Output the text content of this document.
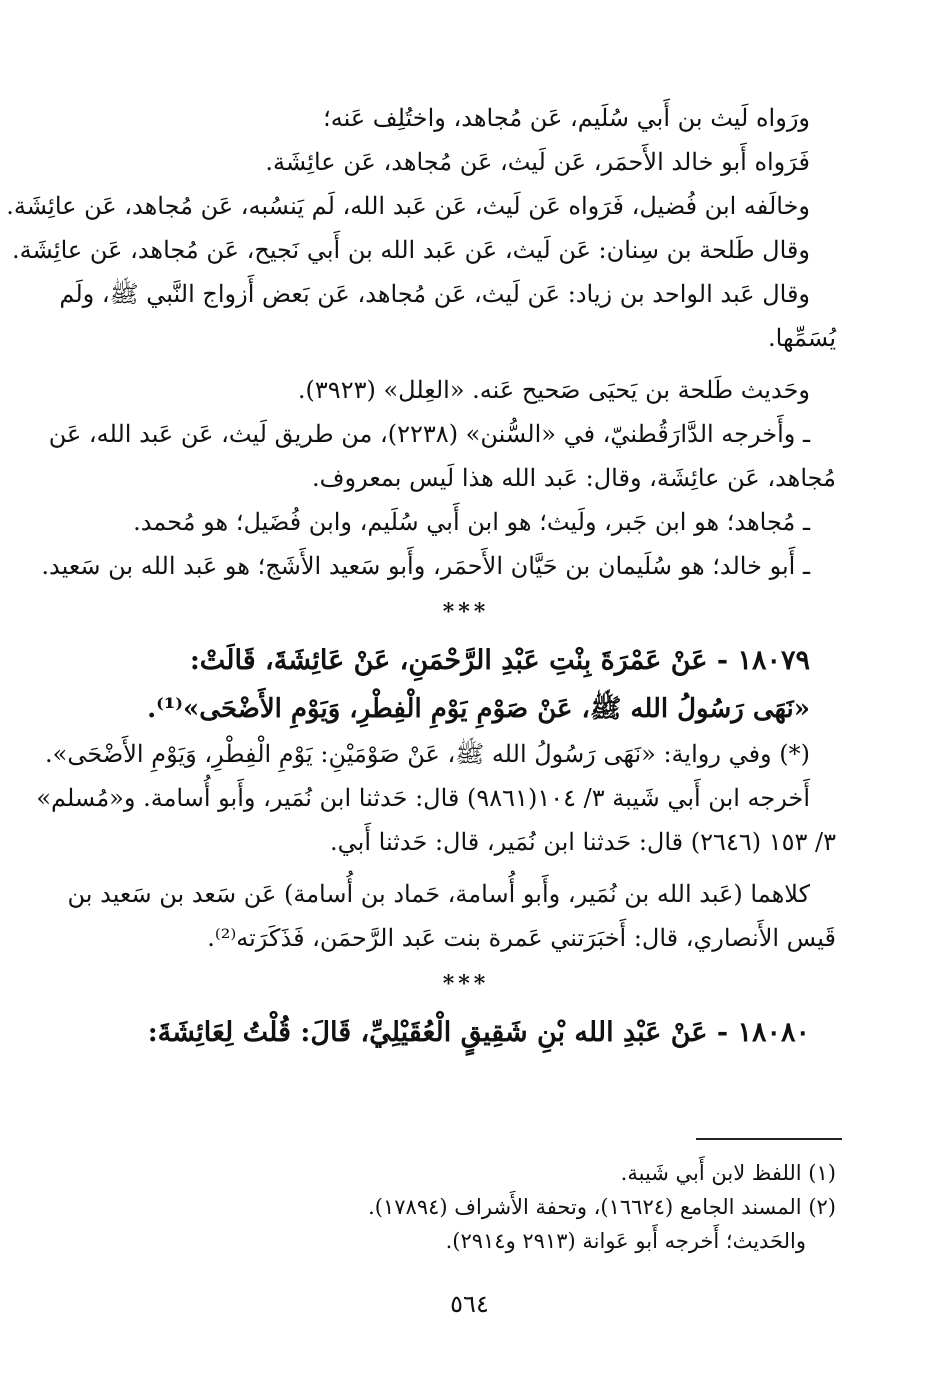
ورَواه لَيث بن أَبي سُلَيم، عَن مُجاهد، واختُلِف عَنه؛

فَرَواه أَبو خالد الأَحمَر، عَن لَيث، عَن مُجاهد، عَن عائِشَة.

وخالَفه ابن فُضيل، فَرَواه عَن لَيث، عَن عَبد الله، لَم يَنسُبه، عَن مُجاهد، عَن عائِشَة.

وقال طَلحة بن سِنان: عَن لَيث، عَن عَبد الله بن أَبي نَجيح، عَن مُجاهد، عَن عائِشَة.

وقال عَبد الواحد بن زياد: عَن لَيث، عَن مُجاهد، عَن بَعض أَزواج النَّبي ﷺ، ولَم

يُسَمِّها.

وحَديث طَلحة بن يَحيَى صَحيح عَنه. «العِلل» (٣٩٢٣).

ـ وأَخرجه الدَّارَقُطنيّ، في «السُّنن» (٢٢٣٨)، من طريق لَيث، عَن عَبد الله، عَن

مُجاهد، عَن عائِشَة، وقال: عَبد الله هذا لَيس بمعروف.

ـ مُجاهد؛ هو ابن جَبر، ولَيث؛ هو ابن أَبي سُلَيم، وابن فُضَيل؛ هو مُحمد.

ـ أَبو خالد؛ هو سُلَيمان بن حَيَّان الأَحمَر، وأَبو سَعيد الأَشَج؛ هو عَبد الله بن سَعيد.

***

١٨٠٧٩ - عَنْ عَمْرَةَ بِنْتِ عَبْدِ الرَّحْمَنِ، عَنْ عَائِشَةَ، قَالَتْ:

«نَهَى رَسُولُ الله ﷺ، عَنْ صَوْمِ يَوْمِ الْفِطْرِ، وَيَوْمِ الأَضْحَى»⁽¹⁾.

(*) وفي رواية: «نَهَى رَسُولُ الله ﷺ، عَنْ صَوْمَيْنِ: يَوْمِ الْفِطْرِ، وَيَوْمِ الأَضْحَى».

أَخرجه ابن أَبي شَيبة ٣/ ١٠٤(٩٨٦١) قال: حَدثنا ابن نُمَير، وأَبو أُسامة. و«مُسلم»

٣/ ١٥٣ (٢٦٤٦) قال: حَدثنا ابن نُمَير، قال: حَدثنا أَبي.

كلاهما (عَبد الله بن نُمَير، وأَبو أُسامة، حَماد بن أُسامة) عَن سَعد بن سَعيد بن

قَيس الأَنصاري، قال: أَخبَرَتني عَمرة بنت عَبد الرَّحمَن، فَذَكَرَته⁽²⁾.

***

١٨٠٨٠ - عَنْ عَبْدِ الله بْنِ شَقِيقٍ الْعُقَيْلِيِّ، قَالَ: قُلْتُ لِعَائِشَةَ:

(١) اللفظ لابن أَبي شَيبة.

(٢) المسند الجامع (١٦٦٢٤)، وتحفة الأَشراف (١٧٨٩٤).

والحَديث؛ أَخرجه أَبو عَوانة (٢٩١٣ و٢٩١٤).

٥٦٤
